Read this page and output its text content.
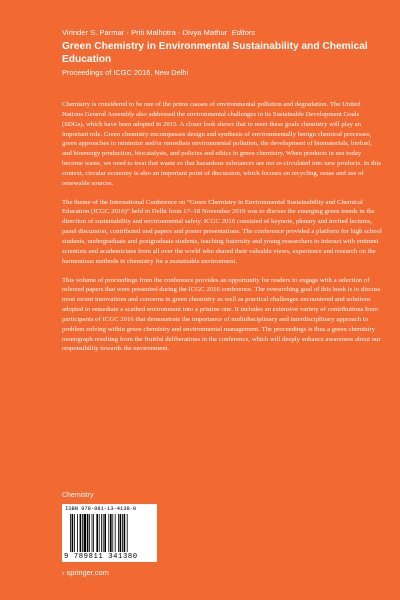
Virinder S. Parmar · Priti Malhotra · Divya Mathur Editors
Green Chemistry in Environmental Sustainability and Chemical Education
Proceedings of ICGC 2016, New Delhi

Chemistry is considered to be one of the prime causes of environmental pollution and degradation. The United Nations General Assembly also addressed the environmental challenges in its Sustainable Development Goals (SDGs), which have been adopted in 2015. A closer look shows that to meet these goals chemistry will play an important role. Green chemistry encompasses design and synthesis of environmentally benign chemical processes, green approaches to minimize and/or remediate environmental pollution, the development of biomaterials, biofuel, and bioenergy production, biocatalysis, and policies and ethics in green chemistry. When products in use today become waste, we need to treat that waste so that hazardous substances are not re-circulated into new products. In this context, circular economy is also an important point of discussion, which focuses on recycling, reuse and use of renewable sources.

The theme of the International Conference on “Green Chemistry in Environmental Sustainability and Chemical Education (ICGC 2016)” held in Delhi from 17–18 November 2016 was to discuss the emerging green trends in the direction of sustainability and environmental safety. ICGC 2016 consisted of keynote, plenary and invited lectures, panel discussion, contributed oral papers and poster presentations. The conference provided a platform for high school students, undergraduate and postgraduate students, teaching fraternity and young researchers to interact with eminent scientists and academicians from all over the world who shared their valuable views, experience and research on the harmonious methods in chemistry for a sustainable environment.

This volume of proceedings from the conference provides an opportunity for readers to engage with a selection of refereed papers that were presented during the ICGC 2016 conference. The overarching goal of this book is to discuss most recent innovations and concerns in green chemistry as well as practical challenges encountered and solutions adopted to remediate a scathed environment into a pristine one. It includes an extensive variety of contributions from participants of ICGC 2016 that demonstrate the importance of multidisciplinary and interdisciplinary approach to problem solving within green chemistry and environmental management. The proceedings is thus a green chemistry monograph resulting from the fruitful deliberations in the conference, which will deeply enhance awareness about our responsibility towards the environment.

Chemistry
ISBN 978-981-13-4138-0
9 789811 341380
› springer.com
